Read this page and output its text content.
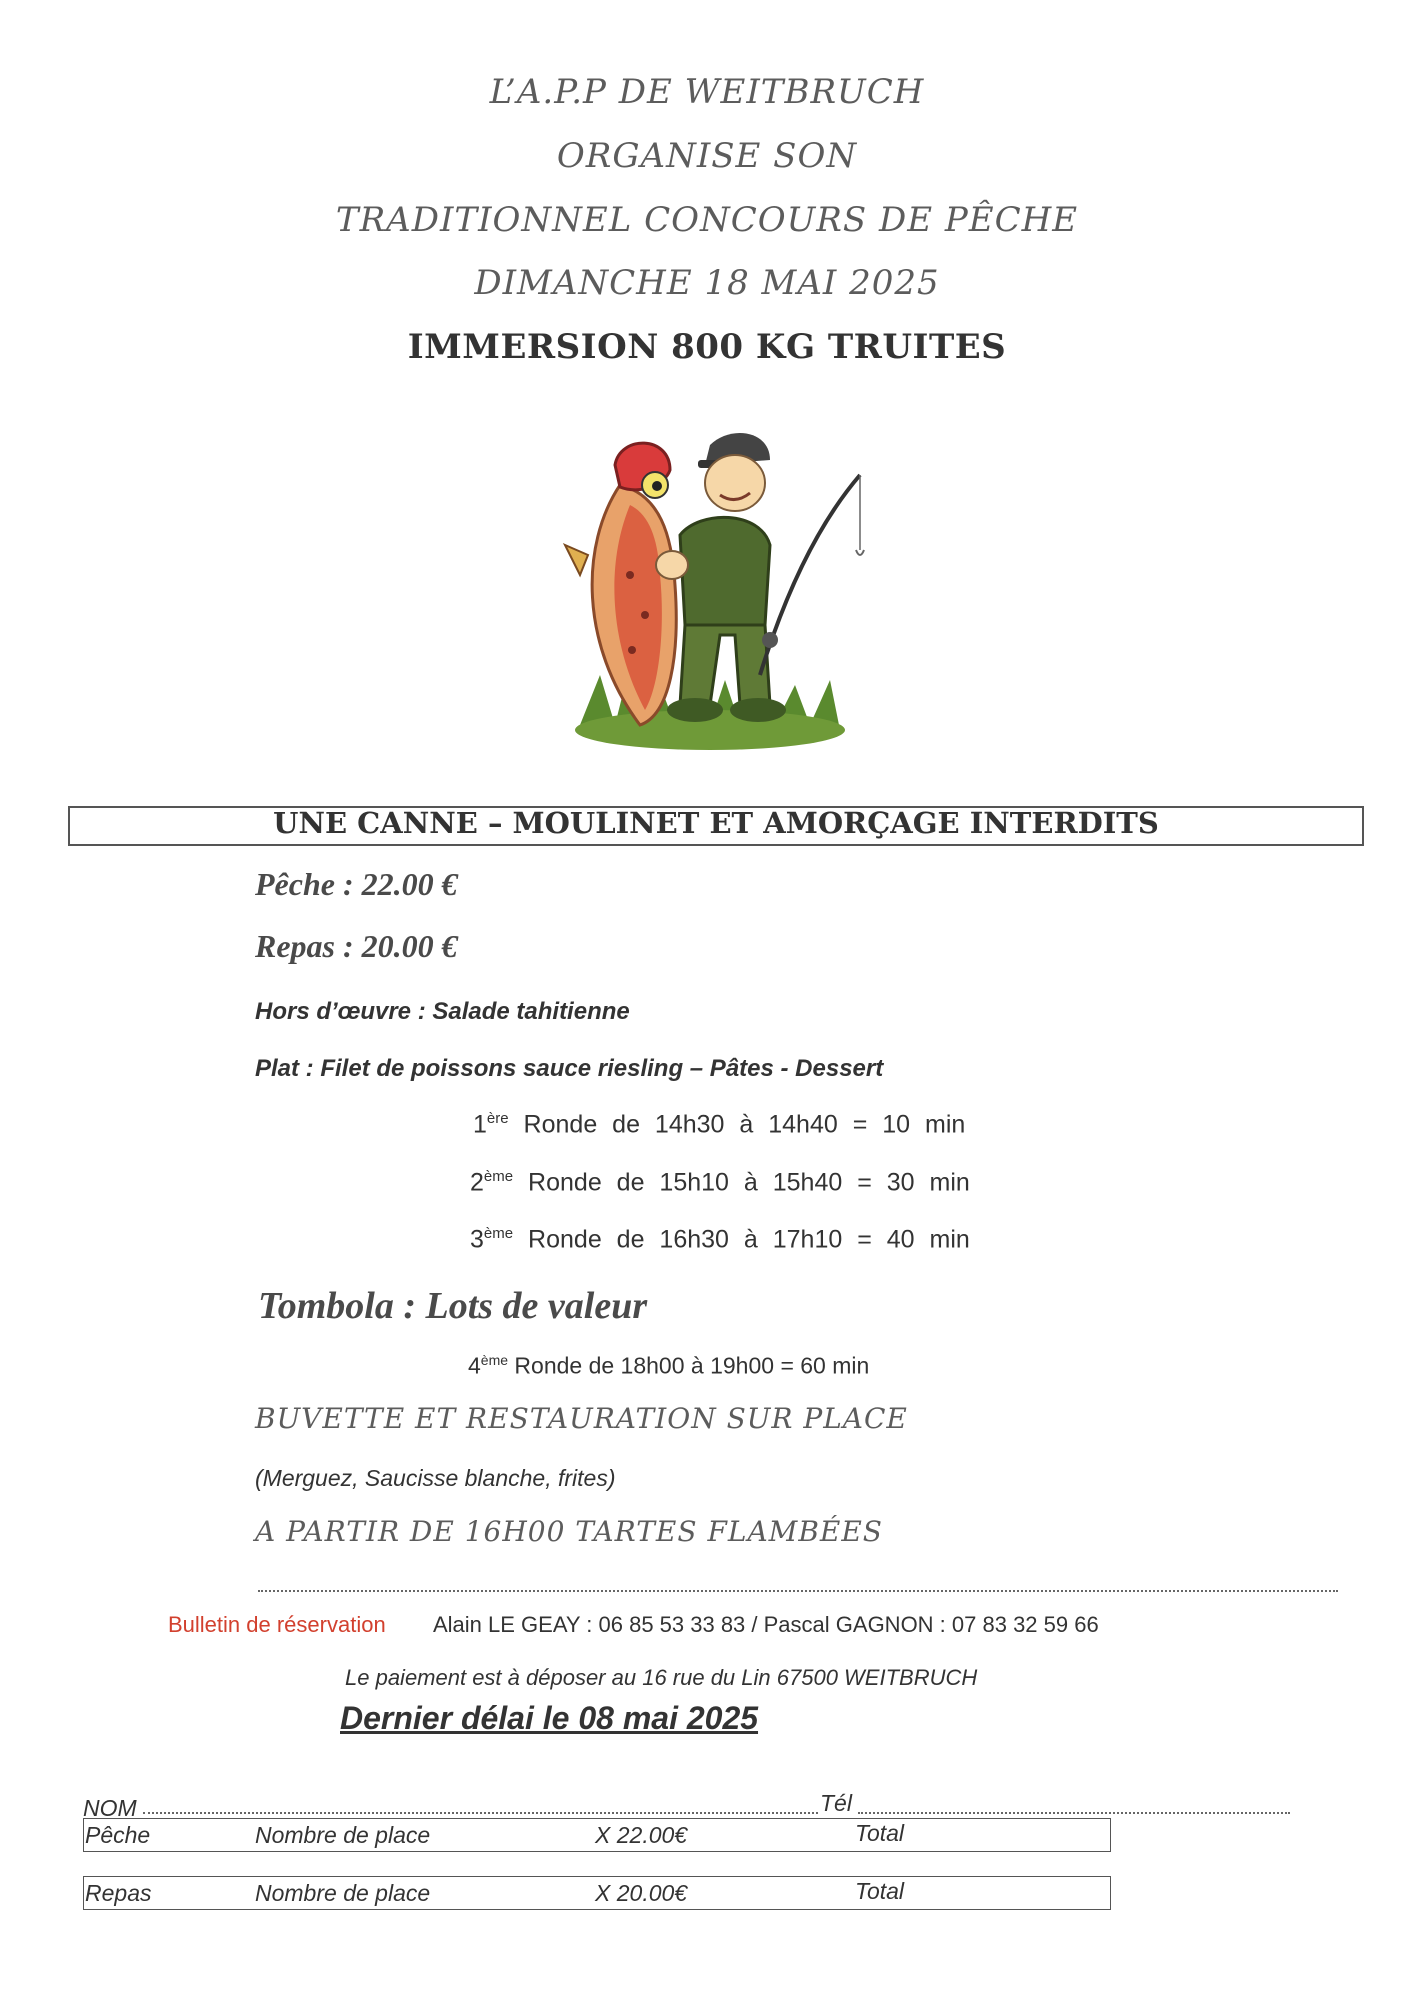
L’A.P.P DE WEITBRUCH
ORGANISE SON
TRADITIONNEL CONCOURS DE PÊCHE
DIMANCHE 18 MAI 2025
IMMERSION 800 KG TRUITES
UNE CANNE – MOULINET ET AMORÇAGE INTERDITS
Pêche : 22.00 €
Repas : 20.00 €
Hors d’œuvre : Salade tahitienne
Plat : Filet de poissons sauce riesling – Pâtes - Dessert
1ère Ronde de 14h30 à 14h40 = 10 min
2ème Ronde de 15h10 à 15h40 = 30 min
3ème Ronde de 16h30 à 17h10 = 40 min
Tombola : Lots de valeur
4ème Ronde de 18h00 à 19h00 = 60 min
BUVETTE ET RESTAURATION SUR PLACE
(Merguez, Saucisse blanche, frites)
A PARTIR DE 16H00 TARTES FLAMBÉES
Bulletin de réservation Alain LE GEAY : 06 85 53 33 83 / Pascal GAGNON : 07 83 32 59 66
Le paiement est à déposer au 16 rue du Lin 67500 WEITBRUCH
Dernier délai le 08 mai 2025
NOM	Tél
Pêche	Nombre de place	X 22.00€	Total
Repas	Nombre de place	X 20.00€	Total
